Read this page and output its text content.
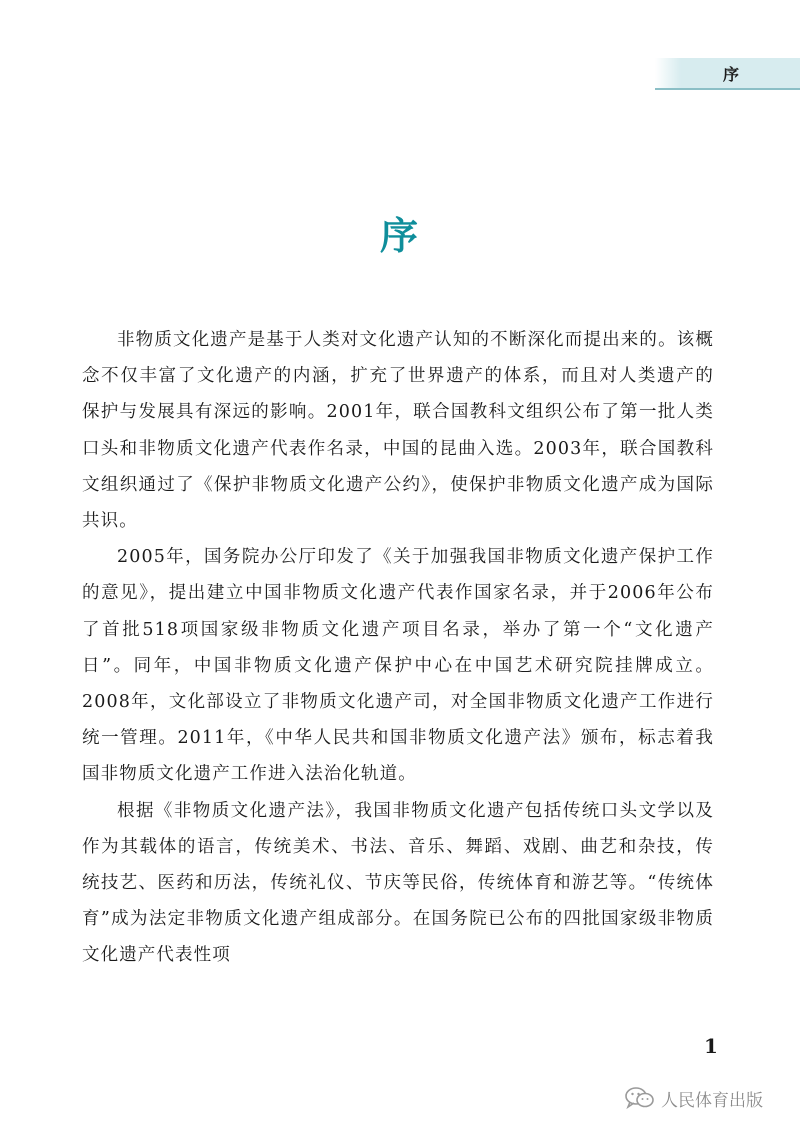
序
序

非物质文化遗产是基于人类对文化遗产认知的不断深化而提出来的。该概念不仅丰富了文化遗产的内涵，扩充了世界遗产的体系，而且对人类遗产的保护与发展具有深远的影响。2001年，联合国教科文组织公布了第一批人类口头和非物质文化遗产代表作名录，中国的昆曲入选。2003年，联合国教科文组织通过了《保护非物质文化遗产公约》，使保护非物质文化遗产成为国际共识。

2005年，国务院办公厅印发了《关于加强我国非物质文化遗产保护工作的意见》，提出建立中国非物质文化遗产代表作国家名录，并于2006年公布了首批518项国家级非物质文化遗产项目名录，举办了第一个“文化遗产日”。同年，中国非物质文化遗产保护中心在中国艺术研究院挂牌成立。2008年，文化部设立了非物质文化遗产司，对全国非物质文化遗产工作进行统一管理。2011年，《中华人民共和国非物质文化遗产法》颁布，标志着我国非物质文化遗产工作进入法治化轨道。

根据《非物质文化遗产法》，我国非物质文化遗产包括传统口头文学以及作为其载体的语言，传统美术、书法、音乐、舞蹈、戏剧、曲艺和杂技，传统技艺、医药和历法，传统礼仪、节庆等民俗，传统体育和游艺等。“传统体育”成为法定非物质文化遗产组成部分。在国务院已公布的四批国家级非物质文化遗产代表性项

1
人民体育出版
